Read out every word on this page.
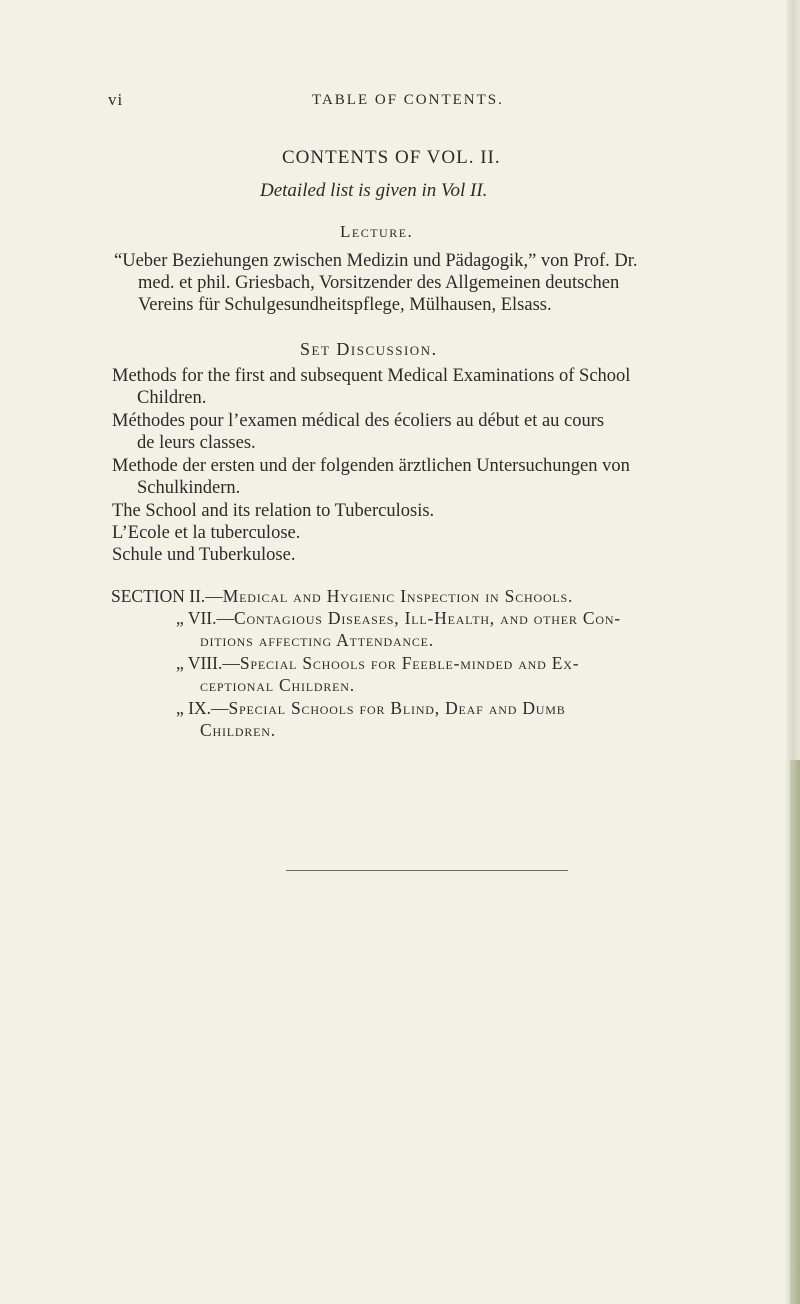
vi	TABLE OF CONTENTS.
CONTENTS OF VOL. II.
Detailed list is given in Vol II.
Lecture.
“Ueber Beziehungen zwischen Medizin und Pädagogik,” von Prof. Dr.
med. et phil. Griesbach, Vorsitzender des Allgemeinen deutschen
Vereins für Schulgesundheitspflege, Mülhausen, Elsass.
Set Discussion.
Methods for the first and subsequent Medical Examinations of School
Children.
Méthodes pour l’examen médical des écoliers au début et au cours
de leurs classes.
Methode der ersten und der folgenden ärztlichen Untersuchungen von
Schulkindern.
The School and its relation to Tuberculosis.
L’Ecole et la tuberculose.
Schule und Tuberkulose.
SECTION II.—Medical and Hygienic Inspection in Schools.
„ VII.—Contagious Diseases, Ill-Health, and other Con-
ditions affecting Attendance.
„ VIII.—Special Schools for Feeble-minded and Ex-
ceptional Children.
„ IX.—Special Schools for Blind, Deaf and Dumb
Children.
